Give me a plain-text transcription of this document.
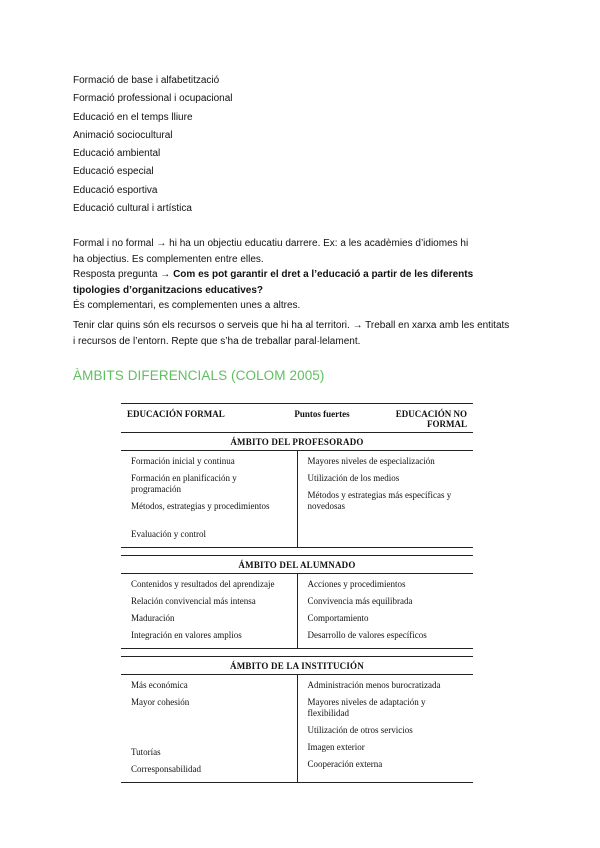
Formació de base i alfabetització
Formació professional i ocupacional
Educació en el temps lliure
Animació sociocultural
Educació ambiental
Educació especial
Educació esportiva
Educació cultural i artística
Formal i no formal → hi ha un objectiu educatiu darrere. Ex: a les acadèmies d’idiomes hi
ha objectius. Es complementen entre elles.
Resposta pregunta → Com es pot garantir el dret a l’educació a partir de les diferents
tipologies d’organitzacions educatives?
És complementari, es complementen unes a altres.
Tenir clar quins són els recursos o serveis que hi ha al territori. → Treball en xarxa amb les entitats
i recursos de l’entorn. Repte que s’ha de treballar paral·lelament.
ÀMBITS DIFERENCIALS (COLOM 2005)
EDUCACIÓN FORMAL	Puntos fuertes	EDUCACIÓN NO FORMAL
ÁMBITO DEL PROFESORADO
Formación inicial y continua
Formación en planificación y programación
Métodos, estrategias y procedimientos
Evaluación y control
Mayores niveles de especialización
Utilización de los medios
Métodos y estrategias más específicas y novedosas
ÁMBITO DEL ALUMNADO
Contenidos y resultados del aprendizaje
Relación convivencial más intensa
Maduración
Integración en valores amplios
Acciones y procedimientos
Convivencia más equilibrada
Comportamiento
Desarrollo de valores específicos
ÁMBITO DE LA INSTITUCIÓN
Más económica
Mayor cohesión
Tutorías
Corresponsabilidad
Administración menos burocratizada
Mayores niveles de adaptación y flexibilidad
Utilización de otros servicios
Imagen exterior
Cooperación externa
